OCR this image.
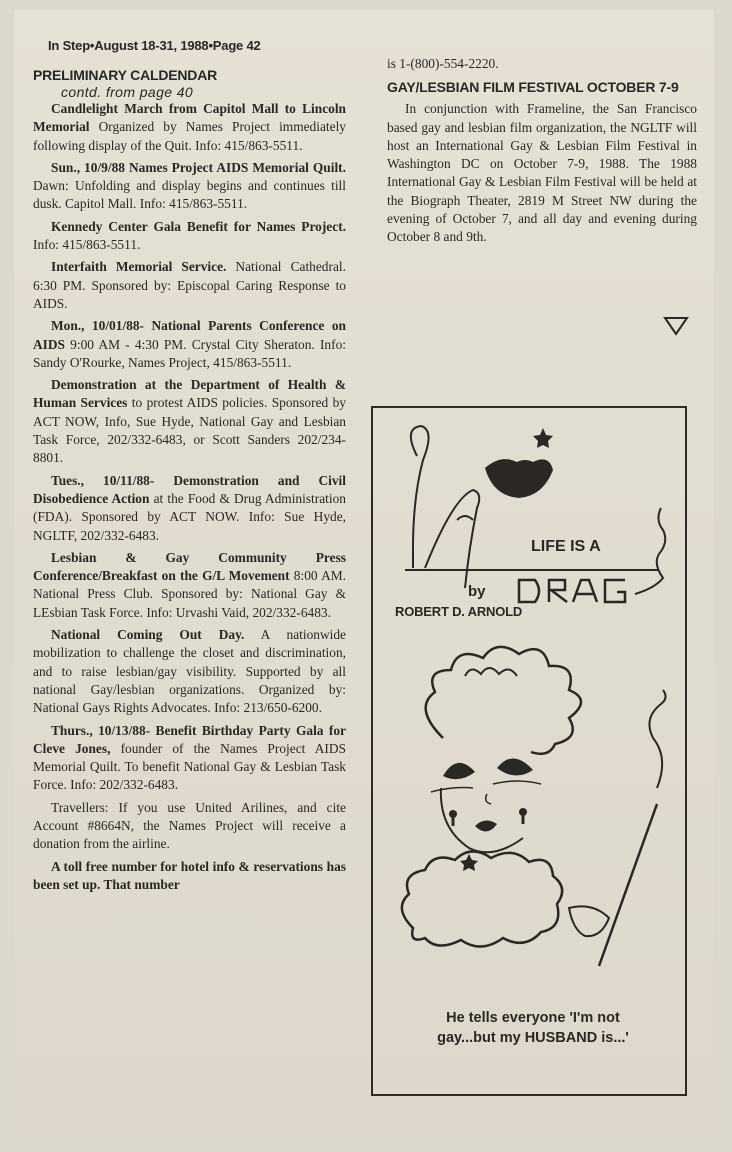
In Step•August 18-31, 1988•Page 42
PRELIMINARY CALDENDAR
contd. from page 40

Candlelight March from Capitol Mall to Lincoln Memorial Organized by Names Project immediately following display of the Quit. Info: 415/863-5511.

Sun., 10/9/88 Names Project AIDS Memorial Quilt. Dawn: Unfolding and display begins and continues till dusk. Capitol Mall. Info: 415/863-5511.

Kennedy Center Gala Benefit for Names Project. Info: 415/863-5511.

Interfaith Memorial Service. National Cathedral. 6:30 PM. Sponsored by: Episcopal Caring Response to AIDS.

Mon., 10/01/88- National Parents Conference on AIDS 9:00 AM - 4:30 PM. Crystal City Sheraton. Info: Sandy O'Rourke, Names Project, 415/863-5511.

Demonstration at the Department of Health & Human Services to protest AIDS policies. Sponsored by ACT NOW, Info, Sue Hyde, National Gay and Lesbian Task Force, 202/332-6483, or Scott Sanders 202/234-8801.

Tues., 10/11/88- Demonstration and Civil Disobedience Action at the Food & Drug Administration (FDA). Sponsored by ACT NOW. Info: Sue Hyde, NGLTF, 202/332-6483.

Lesbian & Gay Community Press Conference/Breakfast on the G/L Movement 8:00 AM. National Press Club. Sponsored by: National Gay & LEsbian Task Force. Info: Urvashi Vaid, 202/332-6483.

National Coming Out Day. A nationwide mobilization to challenge the closet and discrimination, and to raise lesbian/gay visibility. Supported by all national Gay/lesbian organizations. Organized by: National Gays Rights Advocates. Info: 213/650-6200.

Thurs., 10/13/88- Benefit Birthday Party Gala for Cleve Jones, founder of the Names Project AIDS Memorial Quilt. To benefit National Gay & Lesbian Task Force. Info: 202/332-6483.

Travellers: If you use United Arilines, and cite Account #8664N, the Names Project will receive a donation from the airline.

A toll free number for hotel info & reservations has been set up. That number

is 1-(800)-554-2220.

GAY/LESBIAN FILM FESTIVAL OCTOBER 7-9

In conjunction with Frameline, the San Francisco based gay and lesbian film organization, the NGLTF will host an International Gay & Lesbian Film Festival in Washington DC on October 7-9, 1988. The 1988 International Gay & Lesbian Film Festival will be held at the Biograph Theater, 2819 M Street NW during the evening of October 7, and all day and evening during October 8 and 9th.

LIFE IS A
by
ROBERT D. ARNOLD
He tells everyone 'I'm not gay...but my HUSBAND is...'
